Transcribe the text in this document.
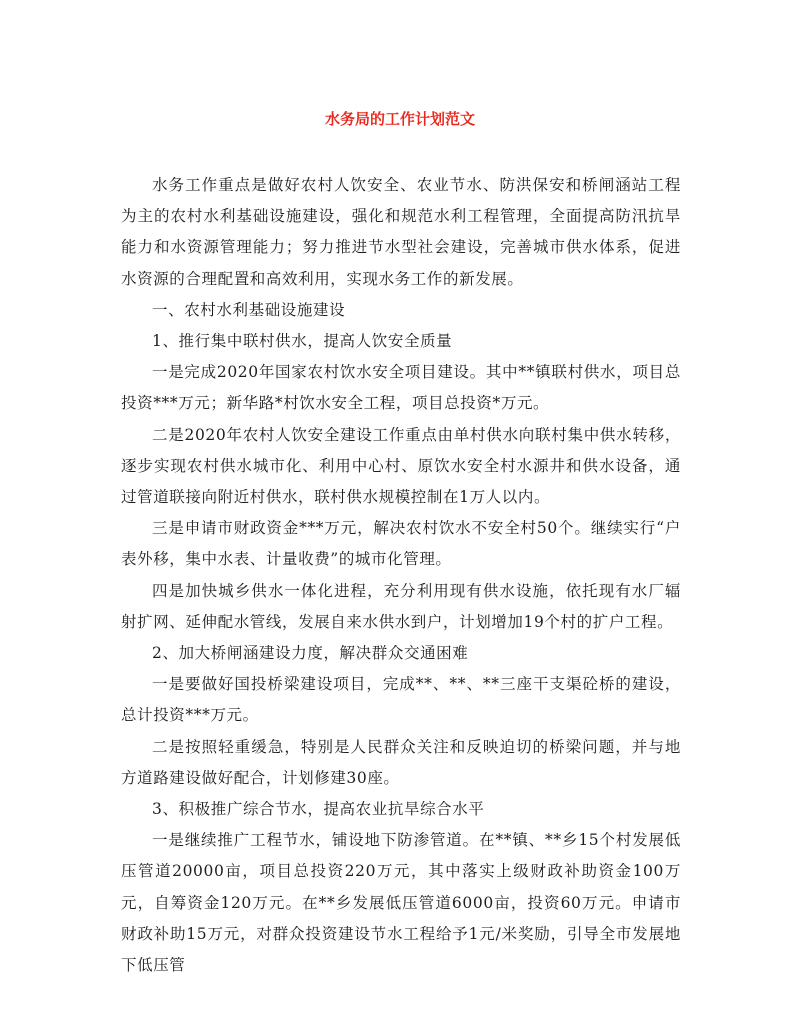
水务局的工作计划范文

水务工作重点是做好农村人饮安全、农业节水、防洪保安和桥闸涵站工程为主的农村水利基础设施建设，强化和规范水利工程管理，全面提高防汛抗旱能力和水资源管理能力；努力推进节水型社会建设，完善城市供水体系，促进水资源的合理配置和高效利用，实现水务工作的新发展。

一、农村水利基础设施建设

1、推行集中联村供水，提高人饮安全质量

一是完成2020年国家农村饮水安全项目建设。其中**镇联村供水，项目总投资***万元；新华路*村饮水安全工程，项目总投资*万元。

二是2020年农村人饮安全建设工作重点由单村供水向联村集中供水转移，逐步实现农村供水城市化、利用中心村、原饮水安全村水源井和供水设备，通过管道联接向附近村供水，联村供水规模控制在1万人以内。

三是申请市财政资金***万元，解决农村饮水不安全村50个。继续实行“户表外移，集中水表、计量收费”的城市化管理。

四是加快城乡供水一体化进程，充分利用现有供水设施，依托现有水厂辐射扩网、延伸配水管线，发展自来水供水到户，计划增加19个村的扩户工程。

2、加大桥闸涵建设力度，解决群众交通困难

一是要做好国投桥梁建设项目，完成**、**、**三座干支渠砼桥的建设，总计投资***万元。

二是按照轻重缓急，特别是人民群众关注和反映迫切的桥梁问题，并与地方道路建设做好配合，计划修建30座。

3、积极推广综合节水，提高农业抗旱综合水平

一是继续推广工程节水，铺设地下防渗管道。在**镇、**乡15个村发展低压管道20000亩，项目总投资220万元，其中落实上级财政补助资金100万元，自筹资金120万元。在**乡发展低压管道6000亩，投资60万元。申请市财政补助15万元，对群众投资建设节水工程给予1元/米奖励，引导全市发展地下低压管
